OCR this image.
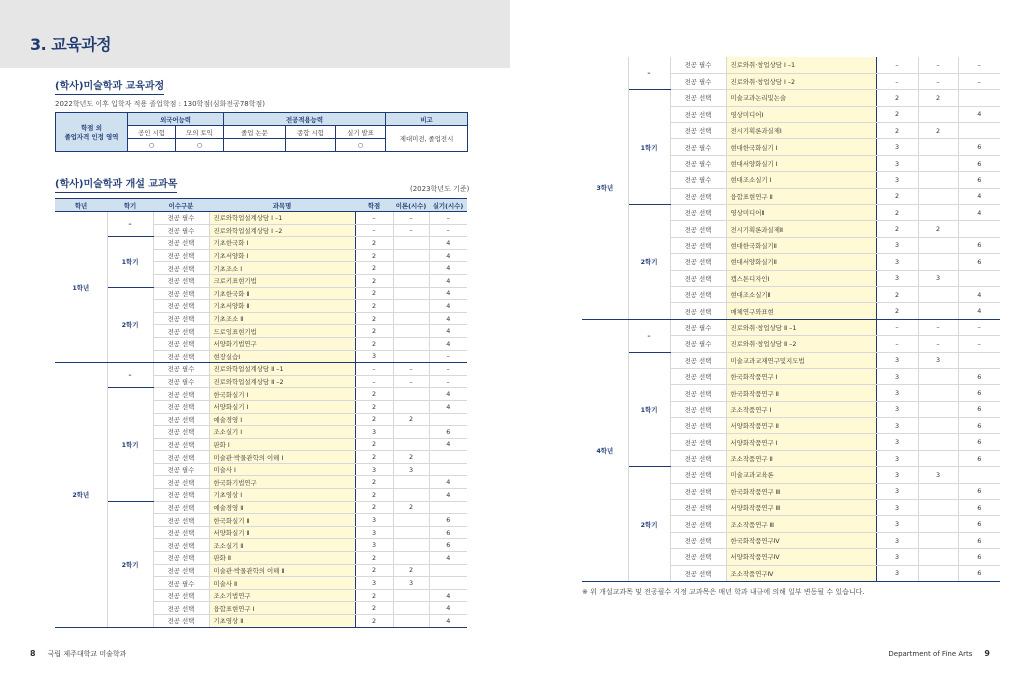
3. 교육과정
(학사)미술학과 교육과정
2022학년도 이후 입학자 적용 졸업학점 : 130학점(심화전공78학점)
학점 외
졸업자격 인정 영역	외국어능력		전공적용능력			비고
	공인 시험	모의 토익	졸업 논문	종합 시험	실기 발표	제대미전, 졸업전시
	○	○			○	
(학사)미술학과 개설 교과목	(2023학년도 기준)
학년	학기	이수구분	과목명	학점	이론(시수)	실기(시수)
1학년	–	전공 필수	진로와학업설계상담 Ⅰ –1	–	–	–
		전공 필수	진로와학업설계상담 Ⅰ –2	–	–	–
	1학기	전공 선택	기초한국화 Ⅰ	2		4
		전공 선택	기초서양화 Ⅰ	2		4
		전공 선택	기초조소 Ⅰ	2		4
		전공 선택	크로키표현기법	2		4
	2학기	전공 선택	기초한국화 Ⅱ	2		4
		전공 선택	기초서양화 Ⅱ	2		4
		전공 선택	기초조소 Ⅱ	2		4
		전공 선택	드로잉표현기법	2		4
		전공 선택	서양화기법연구	2		4
		전공 선택	현장실습Ⅰ	3		–
2학년	–	전공 필수	진로와학업설계상담 Ⅱ –1	–	–	–
		전공 필수	진로와학업설계상담 Ⅱ –2	–	–	–
	1학기	전공 선택	한국화실기 Ⅰ	2		4
		전공 선택	서양화실기 Ⅰ	2		4
		전공 선택	예술경영 Ⅰ	2	2	
		전공 선택	조소실기 Ⅰ	3		6
		전공 선택	판화 Ⅰ	2		4
		전공 선택	미술관·박물관학의 이해 Ⅰ	2	2	
		전공 필수	미술사 Ⅰ	3	3	
		전공 선택	한국화기법연구	2		4
		전공 선택	기초영상 Ⅰ	2		4
	2학기	전공 선택	예술경영 Ⅱ	2	2	
		전공 선택	한국화실기 Ⅱ	3		6
		전공 선택	서양화실기 Ⅱ	3		6
		전공 선택	조소실기 Ⅱ	3		6
		전공 선택	판화 Ⅱ	2		4
		전공 선택	미술관·박물관학의 이해 Ⅱ	2	2	
		전공 필수	미술사 Ⅱ	3	3	
		전공 선택	조소기법연구	2		4
		전공 선택	융합표현연구 Ⅰ	2		4
		전공 선택	기초영상 Ⅱ	2		4
8 국립 제주대학교 미술학과
3학년	–	전공 필수	진로와취·창업상담 Ⅰ –1	–	–	–
		전공 필수	진로와취·창업상담 Ⅰ –2	–	–	–
	1학기	전공 선택	미술교과논리및논술	2	2	
		전공 선택	영상미디어Ⅰ	2		4
		전공 선택	전시기획론과실제Ⅰ	2	2	
		전공 필수	현대한국화실기 Ⅰ	3		6
		전공 필수	현대서양화실기 Ⅰ	3		6
		전공 필수	현대조소실기 Ⅰ	3		6
		전공 선택	융합표현연구 Ⅱ	2		4
	2학기	전공 선택	영상미디어Ⅱ	2		4
		전공 선택	전시기획론과실제Ⅱ	2	2	
		전공 선택	현대한국화실기Ⅱ	3		6
		전공 선택	현대서양화실기Ⅱ	3		6
		전공 선택	캡스톤디자인Ⅰ	3	3	
		전공 선택	현대조소실기Ⅱ	2		4
		전공 선택	매체연구와표현	2		4
4학년	–	전공 필수	진로와취·창업상담 Ⅱ –1	–	–	–
		전공 필수	진로와취·창업상담 Ⅱ –2	–	–	–
	1학기	전공 선택	미술교과교재연구및지도법	3	3	
		전공 선택	한국화작품연구 Ⅰ	3		6
		전공 선택	한국화작품연구 Ⅱ	3		6
		전공 선택	조소작품연구 Ⅰ	3		6
		전공 선택	서양화작품연구 Ⅱ	3		6
		전공 선택	서양화작품연구 Ⅰ	3		6
		전공 선택	조소작품연구 Ⅱ	3		6
	2학기	전공 선택	미술교과교육론	3	3	
		전공 선택	한국화작품연구 Ⅲ	3		6
		전공 선택	서양화작품연구 Ⅲ	3		6
		전공 선택	조소작품연구 Ⅲ	3		6
		전공 선택	한국화작품연구Ⅳ	3		6
		전공 선택	서양화작품연구Ⅳ	3		6
		전공 선택	조소작품연구Ⅳ	3		6
※ 위 개설교과목 및 전공필수 지정 교과목은 매년 학과 내규에 의해 일부 변동될 수 있습니다.
Department of Fine Arts 9
